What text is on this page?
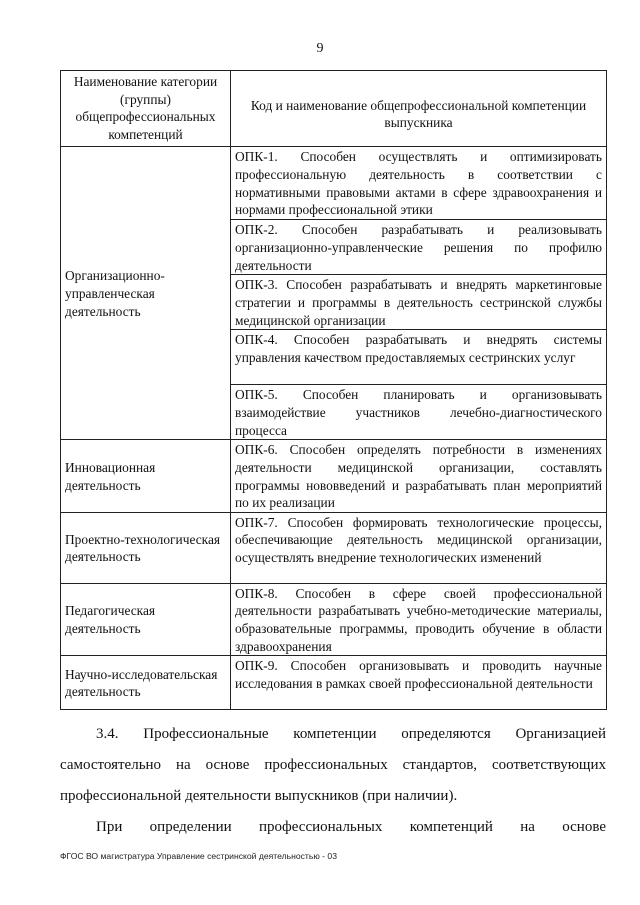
9
Наименование категории (группы) общепрофессиональных компетенций	Код и наименование общепрофессиональной компетенции выпускника
Организационно-управленческая деятельность	ОПК-1. Способен осуществлять и оптимизировать профессиональную деятельность в соответствии с нормативными правовыми актами в сфере здравоохранения и нормами профессиональной этики
	ОПК-2. Способен разрабатывать и реализовывать организационно-управленческие решения по профилю деятельности
	ОПК-3. Способен разрабатывать и внедрять маркетинговые стратегии и программы в деятельность сестринской службы медицинской организации
	ОПК-4. Способен разрабатывать и внедрять системы управления качеством предоставляемых сестринских услуг
	ОПК-5. Способен планировать и организовывать взаимодействие участников лечебно-диагностического процесса
Инновационная деятельность	ОПК-6. Способен определять потребности в изменениях деятельности медицинской организации, составлять программы нововведений и разрабатывать план мероприятий по их реализации
Проектно-технологическая деятельность	ОПК-7. Способен формировать технологические процессы, обеспечивающие деятельность медицинской организации, осуществлять внедрение технологических изменений
Педагогическая деятельность	ОПК-8. Способен в сфере своей профессиональной деятельности разрабатывать учебно-методические материалы, образовательные программы, проводить обучение в области здравоохранения
Научно-исследовательская деятельность	ОПК-9. Способен организовывать и проводить научные исследования в рамках своей профессиональной деятельности
3.4. Профессиональные компетенции определяются Организацией
самостоятельно на основе профессиональных стандартов, соответствующих
профессиональной деятельности выпускников (при наличии).
При определении профессиональных компетенций на основе
ФГОС ВО магистратура Управление сестринской деятельностью - 03
